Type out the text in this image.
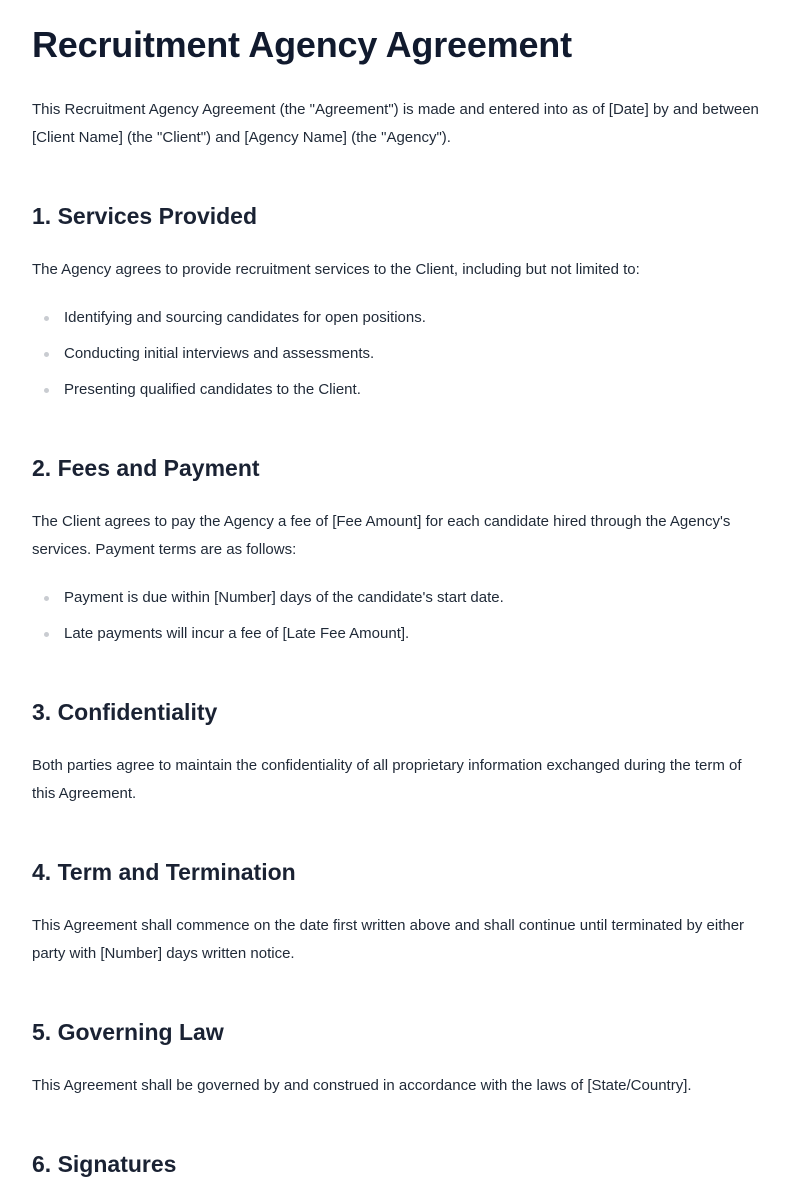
Recruitment Agency Agreement

This Recruitment Agency Agreement (the "Agreement") is made and entered into as of [Date] by and between [Client Name] (the "Client") and [Agency Name] (the "Agency").

1. Services Provided

The Agency agrees to provide recruitment services to the Client, including but not limited to:

Identifying and sourcing candidates for open positions.
Conducting initial interviews and assessments.
Presenting qualified candidates to the Client.
2. Fees and Payment

The Client agrees to pay the Agency a fee of [Fee Amount] for each candidate hired through the Agency's services. Payment terms are as follows:

Payment is due within [Number] days of the candidate's start date.
Late payments will incur a fee of [Late Fee Amount].
3. Confidentiality

Both parties agree to maintain the confidentiality of all proprietary information exchanged during the term of this Agreement.

4. Term and Termination

This Agreement shall commence on the date first written above and shall continue until terminated by either party with [Number] days written notice.

5. Governing Law

This Agreement shall be governed by and construed in accordance with the laws of [State/Country].

6. Signatures
